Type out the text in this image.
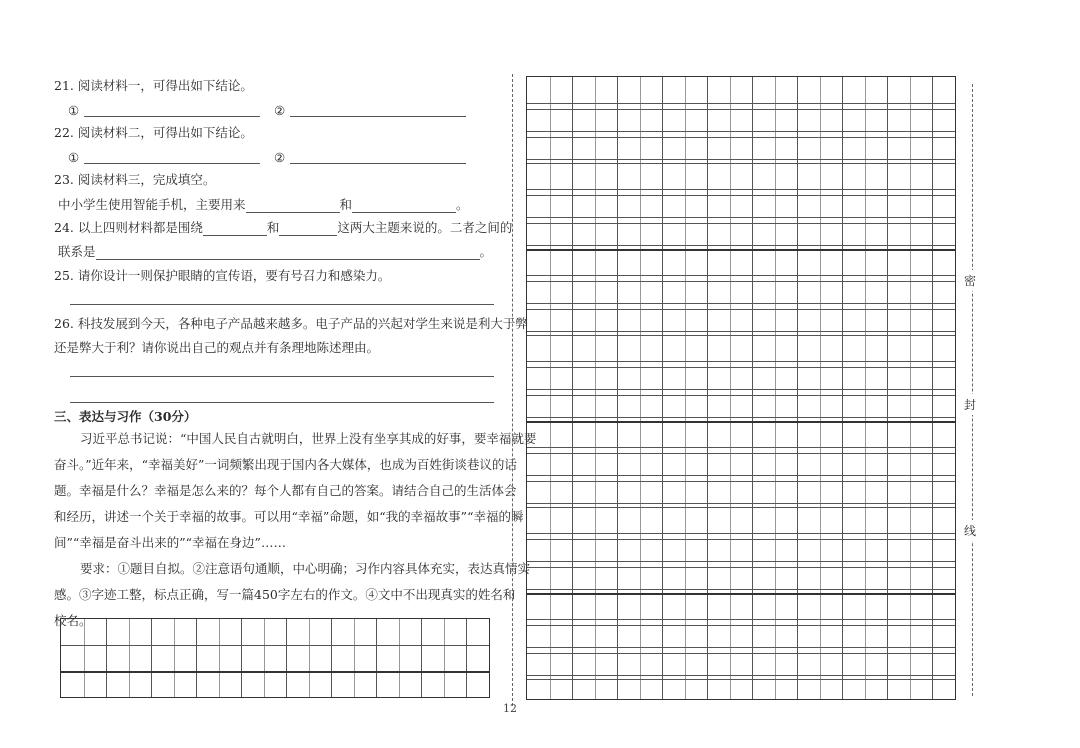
21. 阅读材料一，可得出如下结论。
①	②
22. 阅读材料二，可得出如下结论。
①	②
23. 阅读材料三，完成填空。
中小学生使用智能手机，主要用来	和	。
24. 以上四则材料都是围绕	和	这两大主题来说的。二者之间的
联系是	。
25. 请你设计一则保护眼睛的宣传语，要有号召力和感染力。
26. 科技发展到今天，各种电子产品越来越多。电子产品的兴起对学生来说是利大于弊
还是弊大于利？请你说出自己的观点并有条理地陈述理由。
三、表达与习作（30分）
习近平总书记说：“中国人民自古就明白，世界上没有坐享其成的好事，要幸福就要
奋斗。”近年来，“幸福美好”一词频繁出现于国内各大媒体，也成为百姓街谈巷议的话
题。幸福是什么？幸福是怎么来的？每个人都有自己的答案。请结合自己的生活体会
和经历，讲述一个关于幸福的故事。可以用“幸福”命题，如“我的幸福故事”“幸福的瞬
间”“幸福是奋斗出来的”“幸福在身边”……
要求：①题目自拟。②注意语句通顺，中心明确；习作内容具体充实，表达真情实
感。③字迹工整，标点正确，写一篇450字左右的作文。④文中不出现真实的姓名和
校名。
密
封
线
12
